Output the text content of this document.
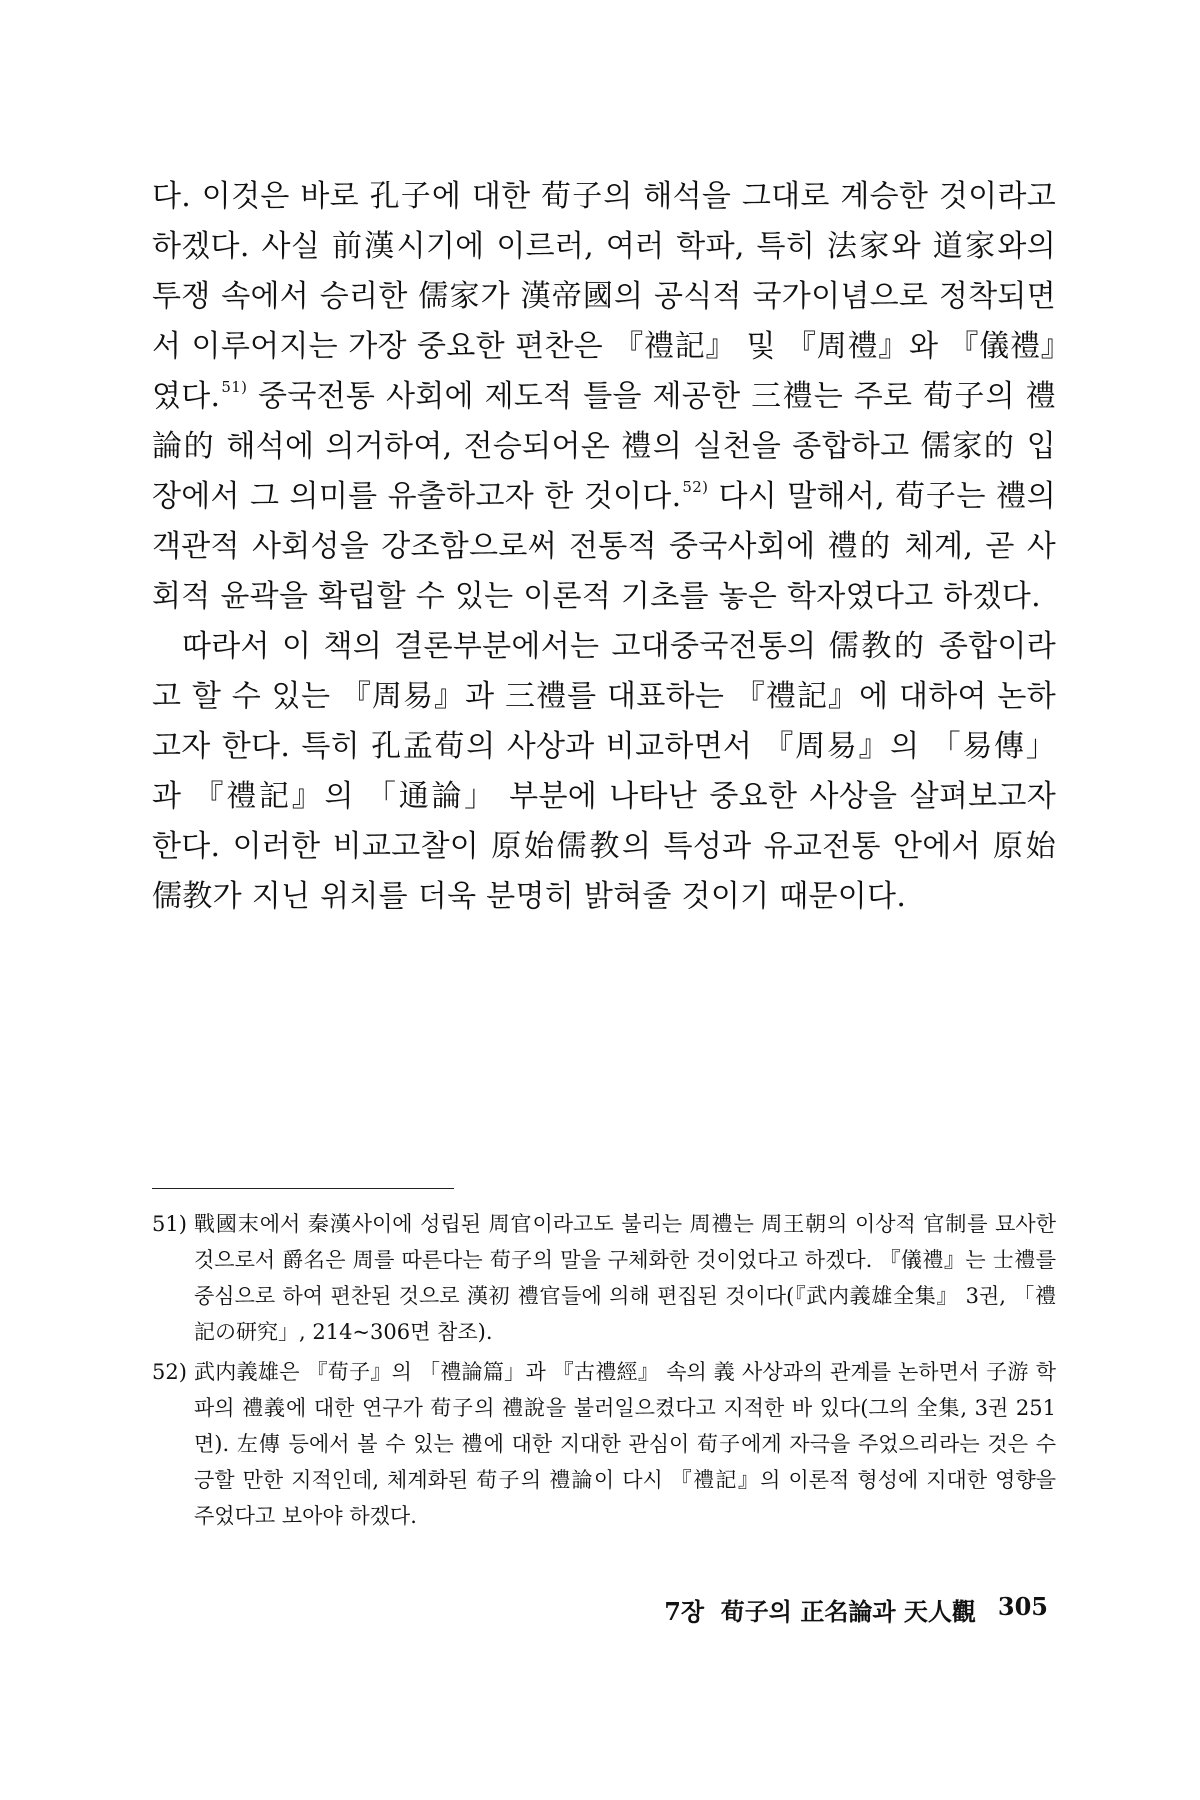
다. 이것은 바로 孔子에 대한 荀子의 해석을 그대로 계승한 것이라고 하겠다. 사실 前漢시기에 이르러, 여러 학파, 특히 法家와 道家와의 투쟁 속에서 승리한 儒家가 漢帝國의 공식적 국가이념으로 정착되면서 이루어지는 가장 중요한 편찬은 『禮記』 및 『周禮』와 『儀禮』였다.$^{51)}$ 중국전통 사회에 제도적 틀을 제공한 三禮는 주로 荀子의 禮論的 해석에 의거하여, 전승되어온 禮의 실천을 종합하고 儒家的 입장에서 그 의미를 유출하고자 한 것이다.$^{52)}$ 다시 말해서, 荀子는 禮의 객관적 사회성을 강조함으로써 전통적 중국사회에 禮的 체계, 곧 사회적 윤곽을 확립할 수 있는 이론적 기초를 놓은 학자였다고 하겠다.

따라서 이 책의 결론부분에서는 고대중국전통의 儒教的 종합이라고 할 수 있는 『周易』과 三禮를 대표하는 『禮記』에 대하여 논하고자 한다. 특히 孔孟荀의 사상과 비교하면서 『周易』의 「易傳」과 『禮記』의 「通論」 부분에 나타난 중요한 사상을 살펴보고자 한다. 이러한 비교고찰이 原始儒教의 특성과 유교전통 안에서 原始儒教가 지닌 위치를 더욱 분명히 밝혀줄 것이기 때문이다.

51) 戰國末에서 秦漢사이에 성립된 周官이라고도 불리는 周禮는 周王朝의 이상적 官制를 묘사한 것으로서 爵名은 周를 따른다는 荀子의 말을 구체화한 것이었다고 하겠다. 『儀禮』는 士禮를 중심으로 하여 편찬된 것으로 漢初 禮官들에 의해 편집된 것이다(『武内義雄全集』 3권, 「禮記の研究」, 214~306면 참조).
52) 武内義雄은 『荀子』의 「禮論篇」과 『古禮經』 속의 義 사상과의 관계를 논하면서 子游 학파의 禮義에 대한 연구가 荀子의 禮說을 불러일으켰다고 지적한 바 있다(그의 全集, 3권 251면). 左傳 등에서 볼 수 있는 禮에 대한 지대한 관심이 荀子에게 자극을 주었으리라는 것은 수긍할 만한 지적인데, 체계화된 荀子의 禮論이 다시 『禮記』의 이론적 형성에 지대한 영향을 주었다고 보아야 하겠다.
7장  荀子의 正名論과 天人觀 305
